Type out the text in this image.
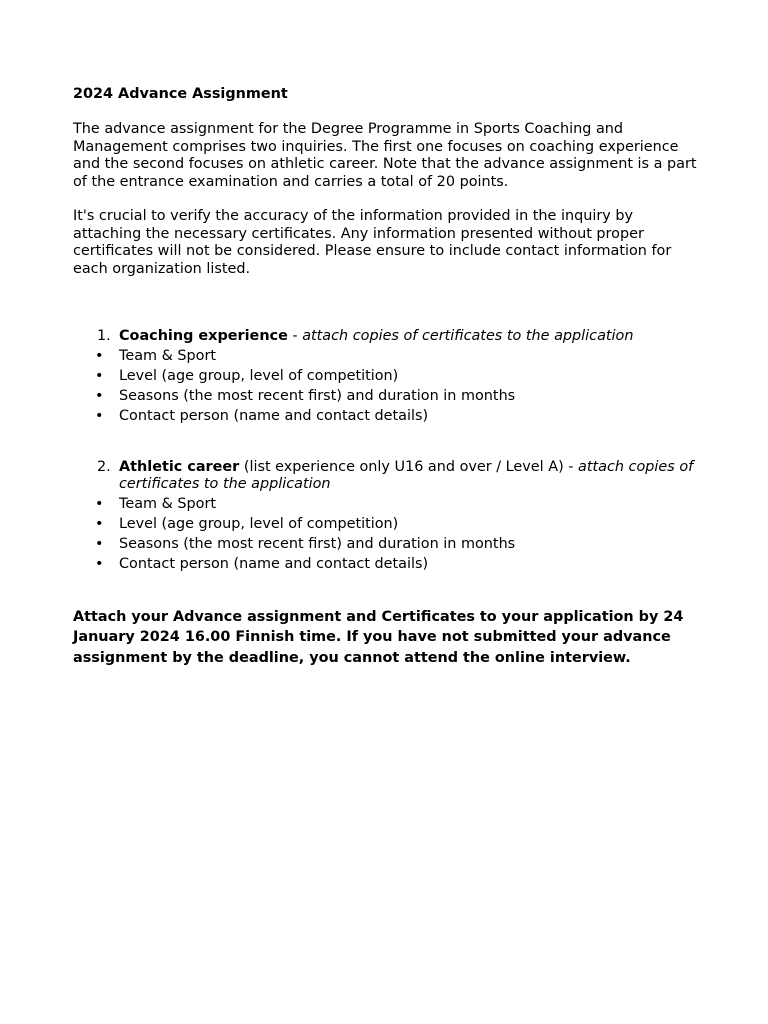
2024 Advance Assignment

The advance assignment for the Degree Programme in Sports Coaching and Management comprises two inquiries. The first one focuses on coaching experience and the second focuses on athletic career. Note that the advance assignment is a part of the entrance examination and carries a total of 20 points.

It's crucial to verify the accuracy of the information provided in the inquiry by attaching the necessary certificates. Any information presented without proper certificates will not be considered. Please ensure to include contact information for each organization listed.

1. Coaching experience - attach copies of certificates to the application
•	Team & Sport
•	Level (age group, level of competition)
•	Seasons (the most recent first) and duration in months
•	Contact person (name and contact details)
2. Athletic career (list experience only U16 and over / Level A) - attach copies of certificates to the application
•	Team & Sport
•	Level (age group, level of competition)
•	Seasons (the most recent first) and duration in months
•	Contact person (name and contact details)

Attach your Advance assignment and Certificates to your application by 24 January 2024 16.00 Finnish time. If you have not submitted your advance assignment by the deadline, you cannot attend the online interview.
